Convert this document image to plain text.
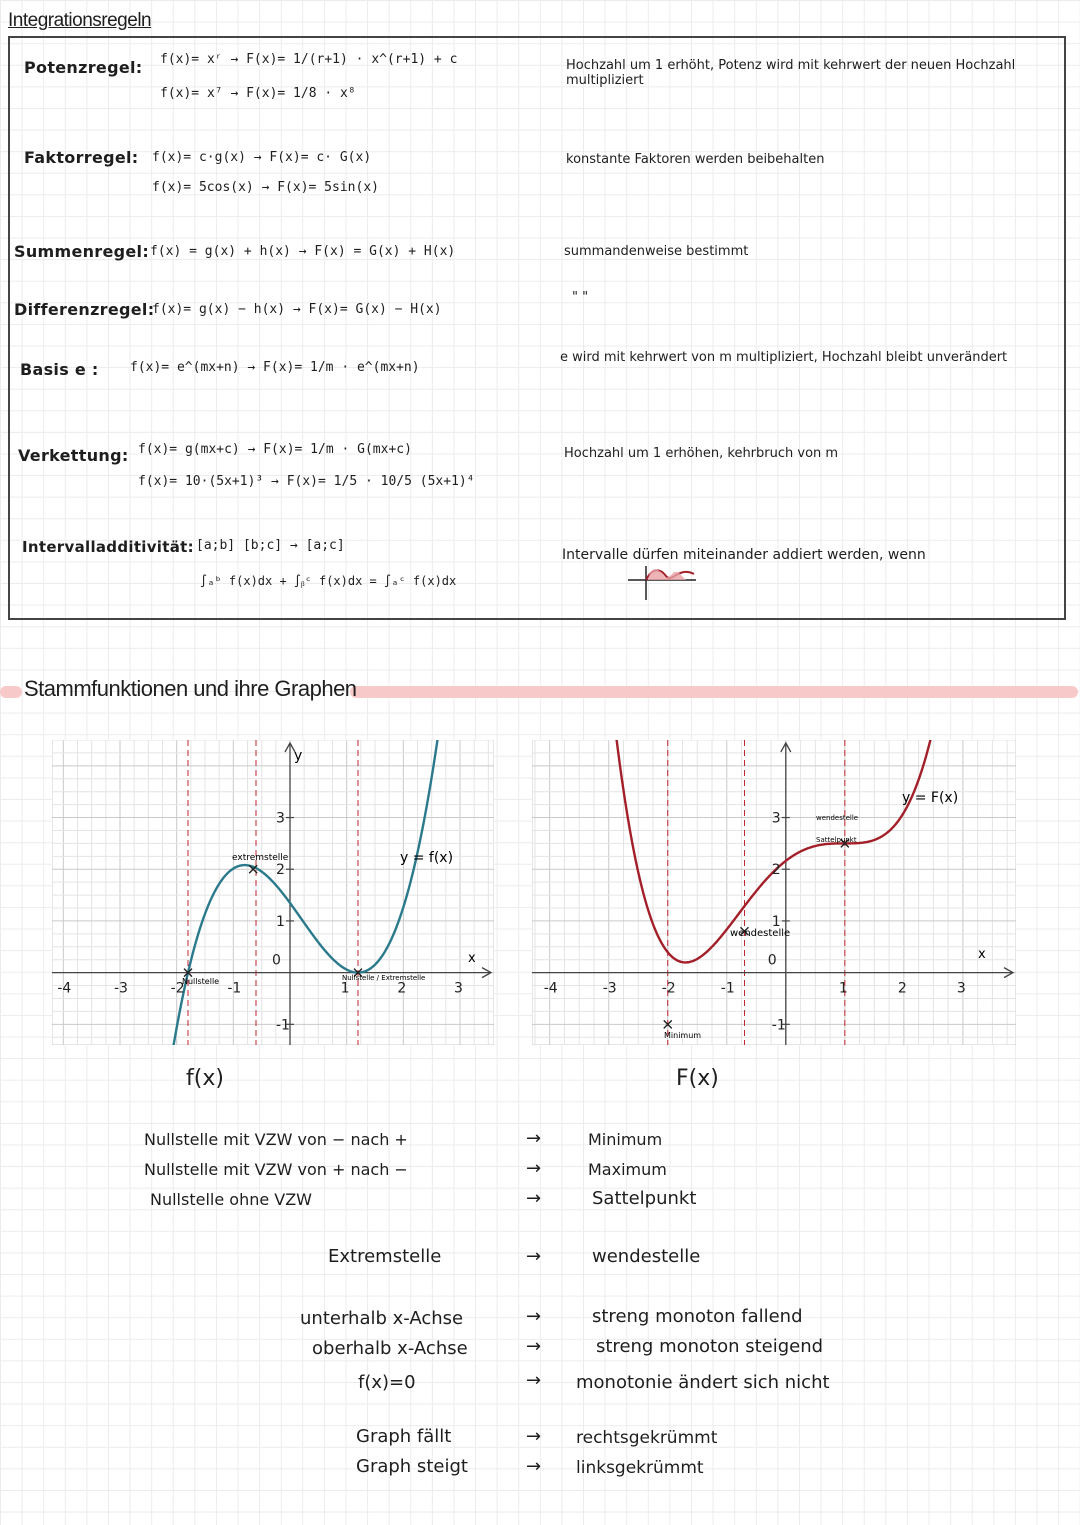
Integrationsregeln
Potenzregel: f(x)= xʳ → F(x)= 1/(r+1) · x^(r+1) + c
f(x)= x⁷ → F(x)= 1/8 · x⁸
Hochzahl um 1 erhöht, Potenz wird mit kehrwert der neuen Hochzahl multipliziert
Faktorregel: f(x)= c·g(x) → F(x)= c· G(x)
f(x)= 5cos(x) → F(x)= 5sin(x)
konstante Faktoren werden beibehalten
Summenregel: f(x) = g(x) + h(x) → F(x) = G(x) + H(x)	summandenweise bestimmt
Differenzregel:
f(x)= g(x) − h(x) → F(x)= G(x) − H(x)
" "
Basis e : f(x)= e^(mx+n) → F(x)= 1/m · e^(mx+n)
e wird mit kehrwert von m multipliziert, Hochzahl bleibt unverändert
Verkettung: f(x)= g(mx+c) → F(x)= 1/m · G(mx+c)
f(x)= 10·(5x+1)³ → F(x)= 1/5 · 10/5 (5x+1)⁴
Hochzahl um 1 erhöhen, kehrbruch von m
Intervalladditivität: [a;b] [b;c] → [a;c]
∫ₐᵇ f(x)dx + ∫ᵦᶜ f(x)dx = ∫ₐᶜ f(x)dx
Intervalle dürfen miteinander addiert werden, wenn
Stammfunktionen und ihre Graphen
-4	-3	-2	-1
0
1	2	3
3
2
1
-1
y
x
y = f(x)
extremstelle
Nullstelle	Nullstelle / Extremstelle
-4	-3	-2	-1
0
1	2	3
3
2
1
-1
x
y = F(x)
Minimum
wendestelle
wendestelle
Sattelpunkt
f(x)	F(x)
Nullstelle mit VZW von − nach +	→	Minimum
Nullstelle mit VZW von + nach −	→	Maximum
Nullstelle ohne VZW	→	Sattelpunkt
Extremstelle	→	wendestelle
unterhalb x-Achse	→	streng monoton fallend
oberhalb x-Achse	→	streng monoton steigend
f(x)=0	→ monotonie ändert sich nicht
Graph fällt	→ rechtsgekrümmt
Graph steigt	→ linksgekrümmt
